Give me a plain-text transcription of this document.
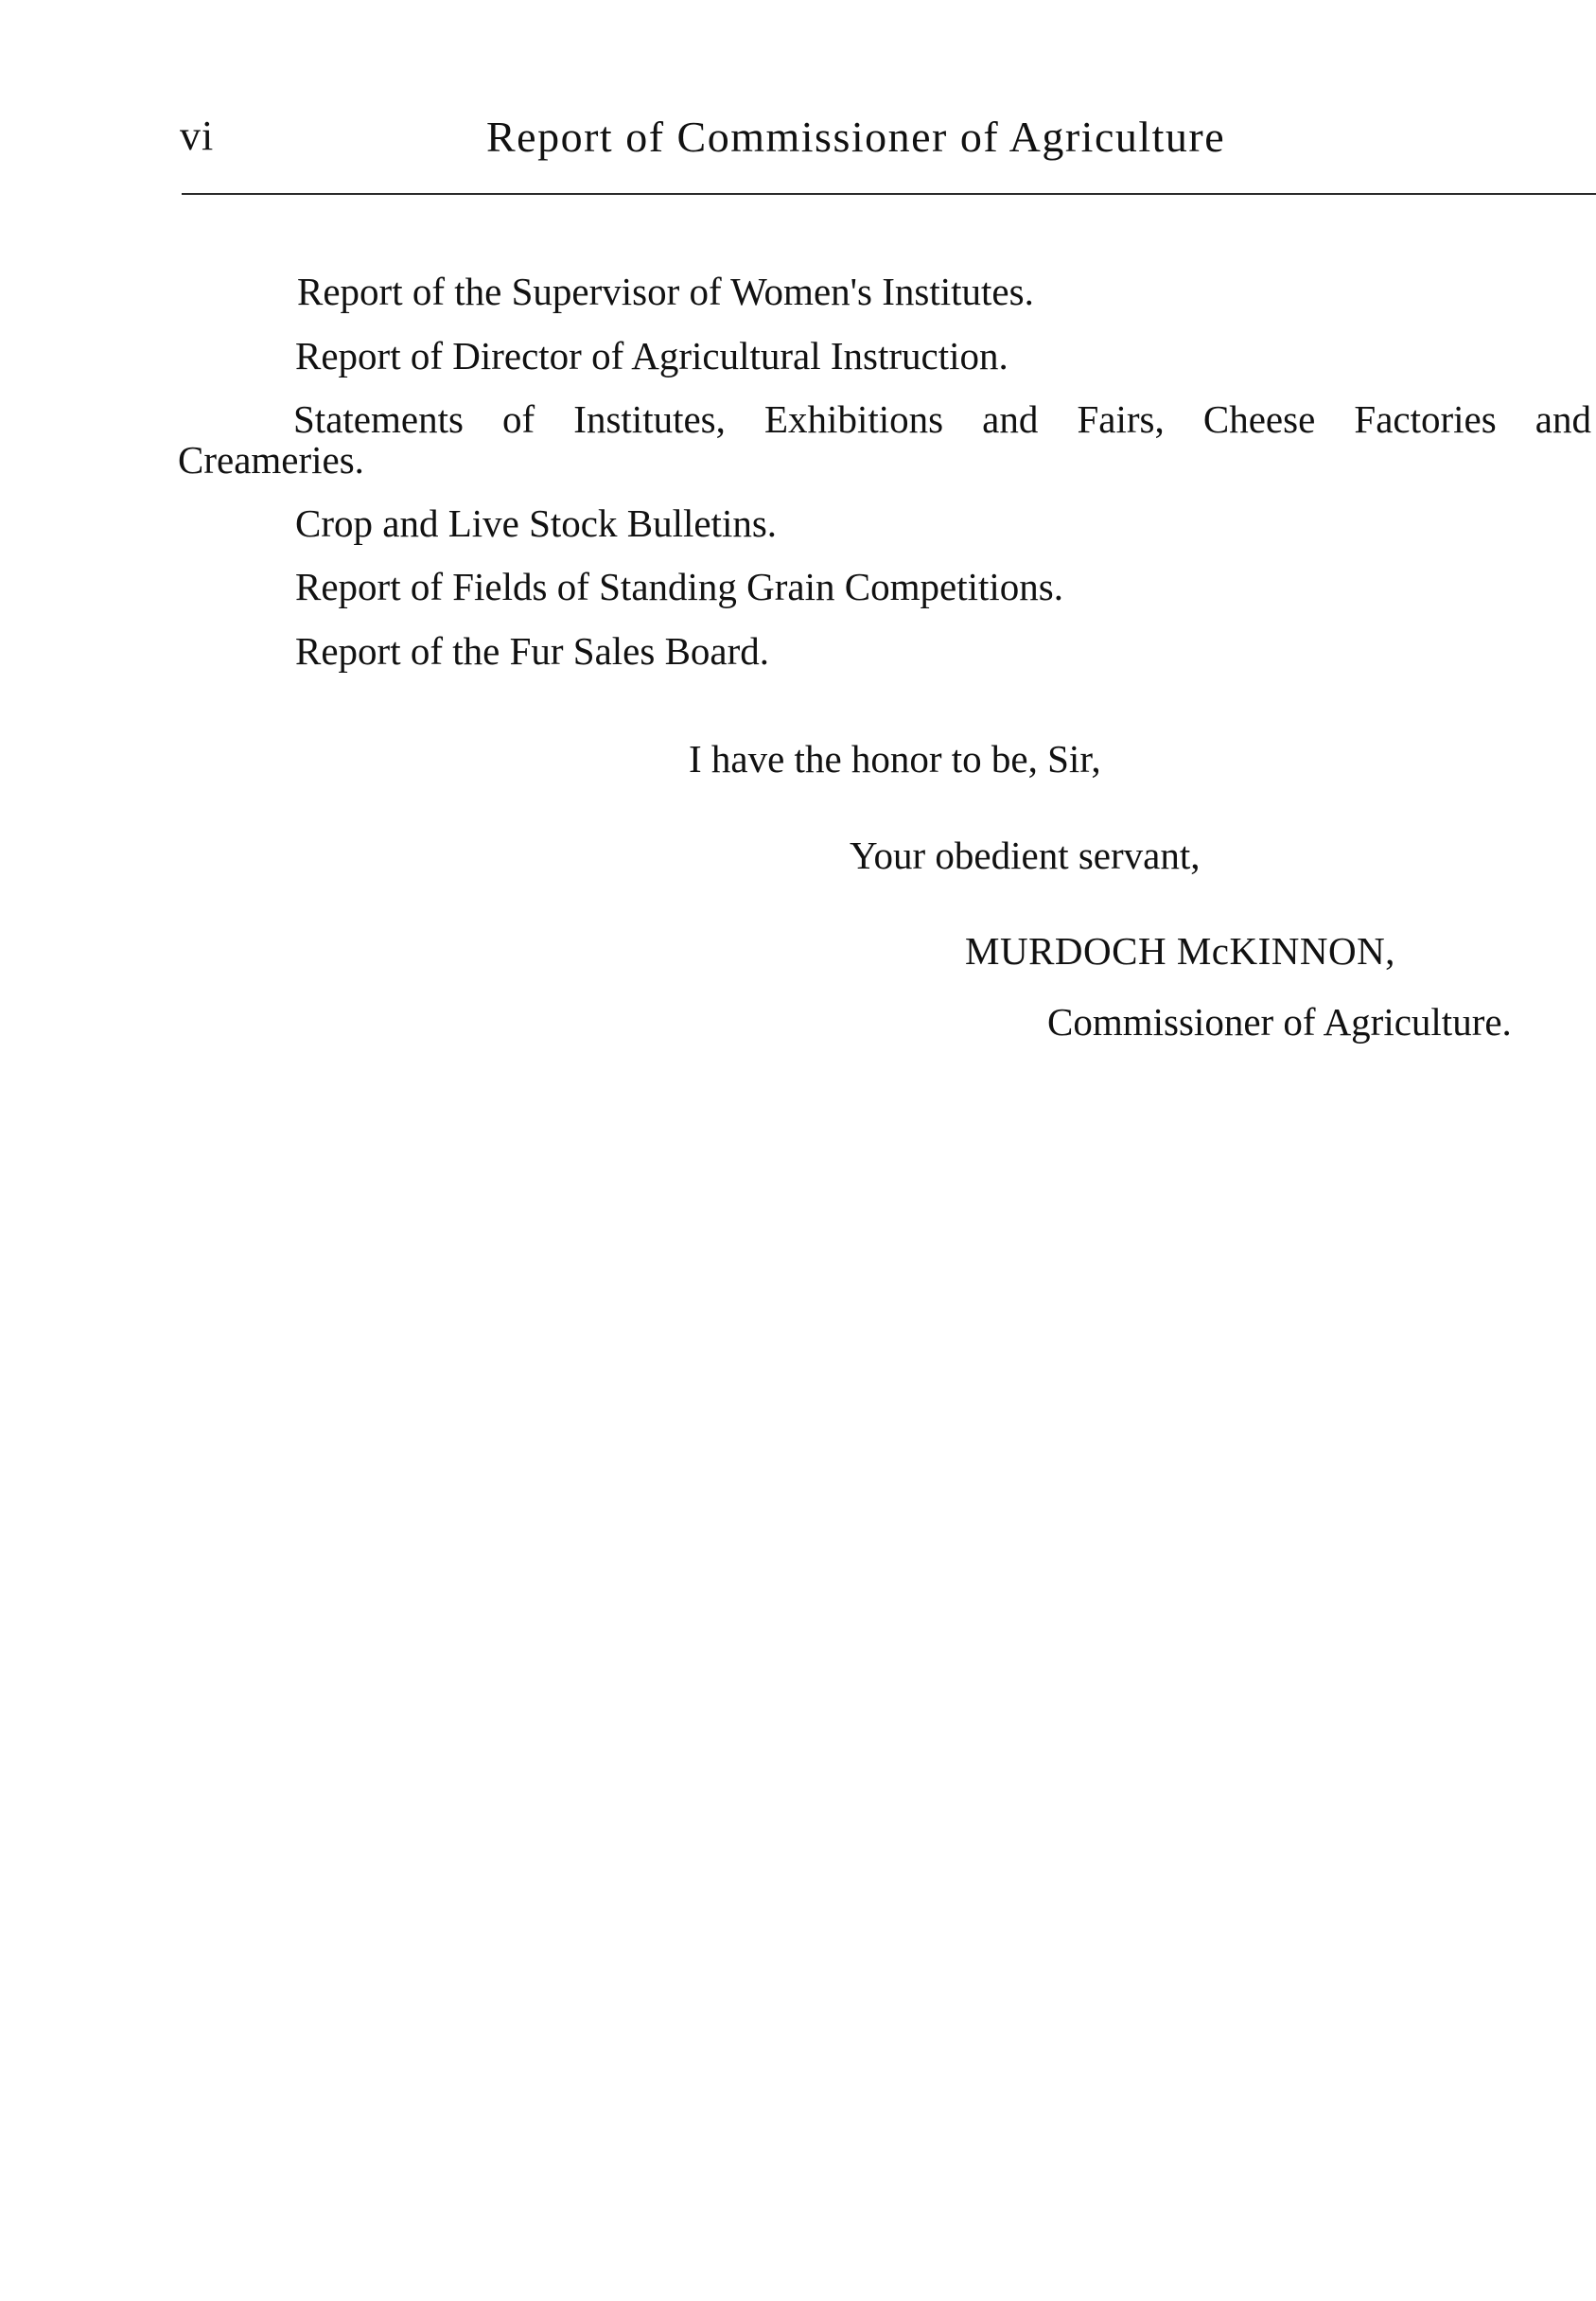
vi	Report of Commissioner of Agriculture
Report of the Supervisor of Women's Institutes.
Report of Director of Agricultural Instruction.
Statements of Institutes, Exhibitions and Fairs, Cheese Factories and
Creameries.
Crop and Live Stock Bulletins.
Report of Fields of Standing Grain Competitions.
Report of the Fur Sales Board.
I have the honor to be, Sir,
Your obedient servant,
MURDOCH McKINNON,
Commissioner of Agriculture.
